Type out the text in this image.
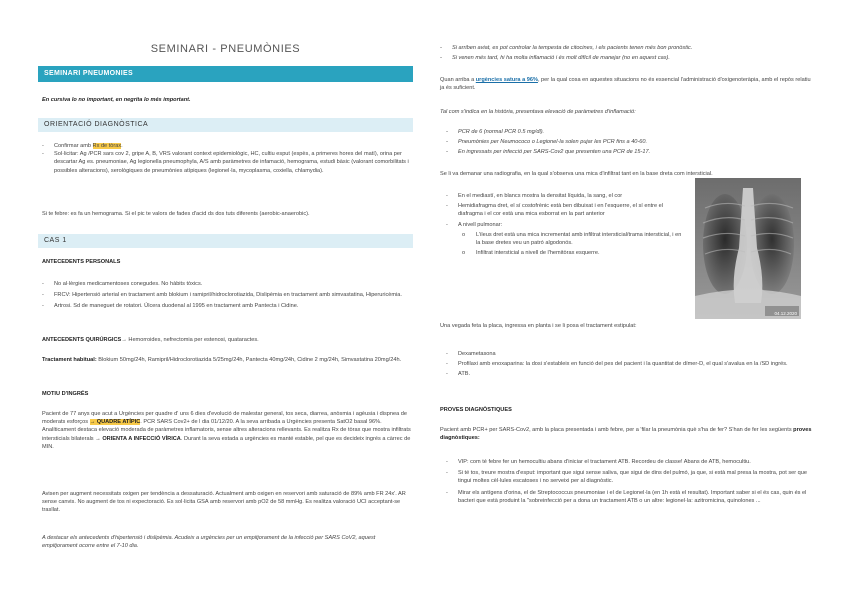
SEMINARI - PNEUMÒNIES
SEMINARI PNEUMONIES
En cursiva lo no important, en negrita lo més important.
ORIENTACIÓ DIAGNÒSTICA
- Confirmar amb Rx de tòrax.
- Sol·licitar: Ag /PCR sars cov 2, gripe A, B, VRS valorant context epidemiològic, HC, cultiu esput (espès, a primeres hores del matí), orina per descartar Ag es. pneumoniae, Ag legionella pneumophyla, A/S amb paràmetres de infamació, hemograma, estudi bàsic (valorant comorbilitats i possibles alteracions), serològiques de pneumònies atípiques (legionel·la, mycoplasma, coxiella, chlamydia).
Si te febre: es fa un hemograma. Si el pic te valors de fades d'acid ds dos tuts diferents (aerobic-anaerobic).
CAS 1
ANTECEDENTS PERSONALS
- No al·lèrgies medicamentoses conegudes. No hàbits tòxics.
- FRCV: Hipertensió arterial en tractament amb blokium i ramipril/hidroclorotiazida, Dislipèmia en tractament amb simvastatina, Hiperuricèmia.
- Artrosi. Sd de maneguet de rotatori. Úlcera duodenal al 1995 en tractament amb Pantecta i Cidine.
ANTECEDENTS QUIRÚRGICS→ Hemorroides, nefrectomia per estenosi, quataractes.
Tractament habitual: Blokium 50mg/24h, Ramipril/Hidroclorotiazida 5/25mg/24h, Pantecta 40mg/24h, Cidine 2 mg/24h, Simvastatina 20mg/24h.
MOTIU D'INGRÉS
Pacient de 77 anys que acut a Urgències per quadre d' uns 6 dies d'evolució de malestar general, tos seca, diarrea, anòsmia i agèusia i dispnea de moderats esforços → QUADRE ATÍPIC. PCR SARS Cov2+ de l dia 01/12/20. A la seva arribada a Urgències presenta SatO2 basal 96%. Analíticament destaca elevació moderada de paràmetres inflamatoris, sense altres alteracions rellevants. Es realitza Rx de tòrax que mostra infiltrats intersticials bilaterals → ORIENTA A INFECCIÓ VÍRICA. Durant la seva estada a urgències es manté estable, pel que es decideix ingrés a càrrec de MIN.
Avisen per augment necessitats oxigen per tendència a dessaturació. Actualment amb oxigen en reservori amb saturació de 89% amb FR 24x'. AR sense canvis. No augment de tos ni expectoració. Es sol·licita GSA amb reservori amb pO2 de 58 mmHg. Es realitza valoració UCI acceptant-se trasllat.
A destacar els antecedents d'hipertensió i dislipèmia. Acudeix a urgències per un empitjorament de la infecció per SARS CoV2, aquest empitjorament ocorre entre el 7-10 dia.
- Si arriben aviat, es pot controlar la tempesta de citocines, i els pacients tenen més bon pronòstic.
- Si venen més tard, hi ha molta inflamació i és molt difícil de manejar (no en aquest cas).
Quan arriba a urgències satura a 96%, per la qual cosa en aquestes situacions no és essencial l'administració d'oxigenoteràpia, amb el repòs relatiu ja és suficient.
Tal com s'indica en la història, presentava elevació de paràmetres d'inflamació:
- PCR de 6 (normal PCR 0.5 mg/dl).
- Pneumònies per Neumococo o Legionel·la solen pujar les PCR fins a 40-60.
- En ingressats per infecció per SARS-Cov2 que presenten una PCR de 15-17.
Se li va demanar una radiografia, en la qual s'observa una mica d'infiltrat tant en la base dreta com intersticial.
- En el mediastí, en blancs mostra la densitat líquida, la sang, el cor
- Hemidiafragma dret, el sí costofrènic està ben dibuixat i en l'esquerre, el sí entre el diafragma i el cor està una mica esborrat en la part anterior
- A nivell pulmonar:
o L'ileus dret està una mica incrementat amb infiltrat intersticial/trama intersticial, i en la base dretes veu un patró algodonós.
o Infiltrat intersticial a nivell de l'hemitòrax esquerre.
04.12.2020
Una vegada feta la placa, ingressa en planta i se li posa el tractament estipulat:
- Dexametasona
- Profilaxi amb enoxaparina: la dosi s'estableix en funció del pes del pacient i la quantitat de dímer-D, el qual s'avalua en la /SD ingrés.
- ATB.
PROVES DIAGNÒSTIQUES
Pacient amb PCR+ per SARS-Cov2, amb la placa presentada i amb febre, per a 'filar la pneumònia què s'ha de fer? S'han de fer les següents proves diagnòstiques:
- VIP: com té febre fer un hemocultiu abans d'iniciar el tractament ATB. Recordeu de classe! Abans de ATB, hemocultiu.
- Si té tos, treure mostra d'esput: important que sigui sense saliva, que sigui de dins del pulmó, ja que, si està mal presa la mostra, pot ser que tingui moltes cèl·lules escatoses i no serveixi per al diagnòstic.
- Mirar els antígens d'orina, el de Streptococcus pneumoniae i el de Legionel·la (en 1h està el resultat). Important saber si el és cas, quin és el bacteri que està produint la "sobreinfecció per a dona un tractament ATB o un altre: legionel·la: azitromicina, quinolones ...
